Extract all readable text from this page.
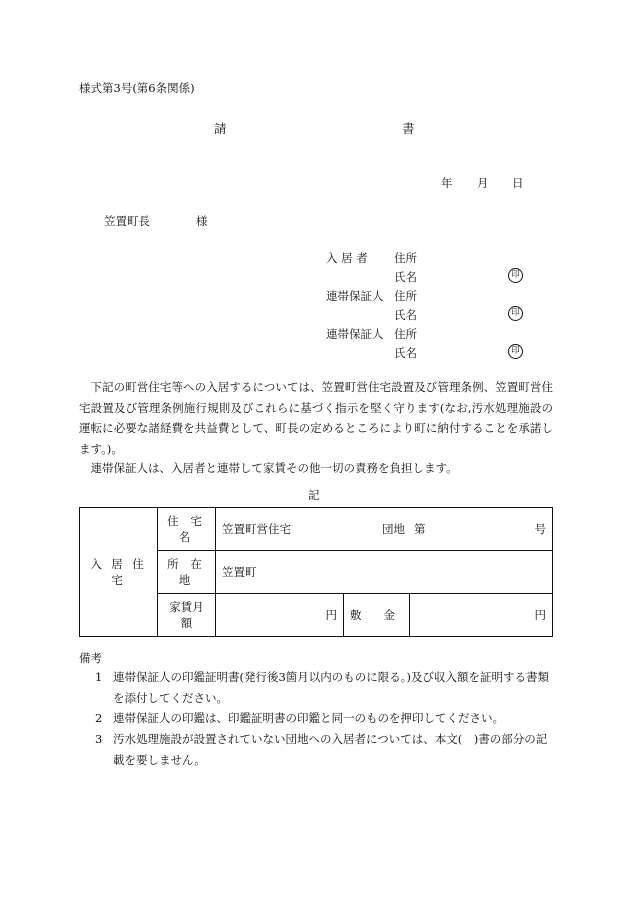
様式第3号(第6条関係)
請	書
年 月 日
笠置町長	様
入 居 者 住所
氏名	印
連帯保証人 住所
氏名	印
連帯保証人 住所
氏名	印
下記の町営住宅等への入居するについては、笠置町営住宅設置及び管理条例、笠置町営住宅設置及び管理条例施行規則及びこれらに基づく指示を堅く守ります(なお,汚水処理施設の運転に必要な諸経費を共益費として、町長の定めるところにより町に納付することを承諾します。)。
連帯保証人は、入居者と連帯して家賃その他一切の責務を負担します。
記
入 居 住 宅	住 宅 名	笠置町営住宅 団地 第 号		

	所 在 地	笠置町		
	家賃月額	円	敷 金	円
備考
1 連帯保証人の印鑑証明書(発行後3箇月以内のものに限る。)及び収入額を証明する書類を添付してください。
2 連帯保証人の印鑑は、印鑑証明書の印鑑と同一のものを押印してください。
3 汚水処理施設が設置されていない団地への入居者については、本文(　)書の部分の記載を要しません。
